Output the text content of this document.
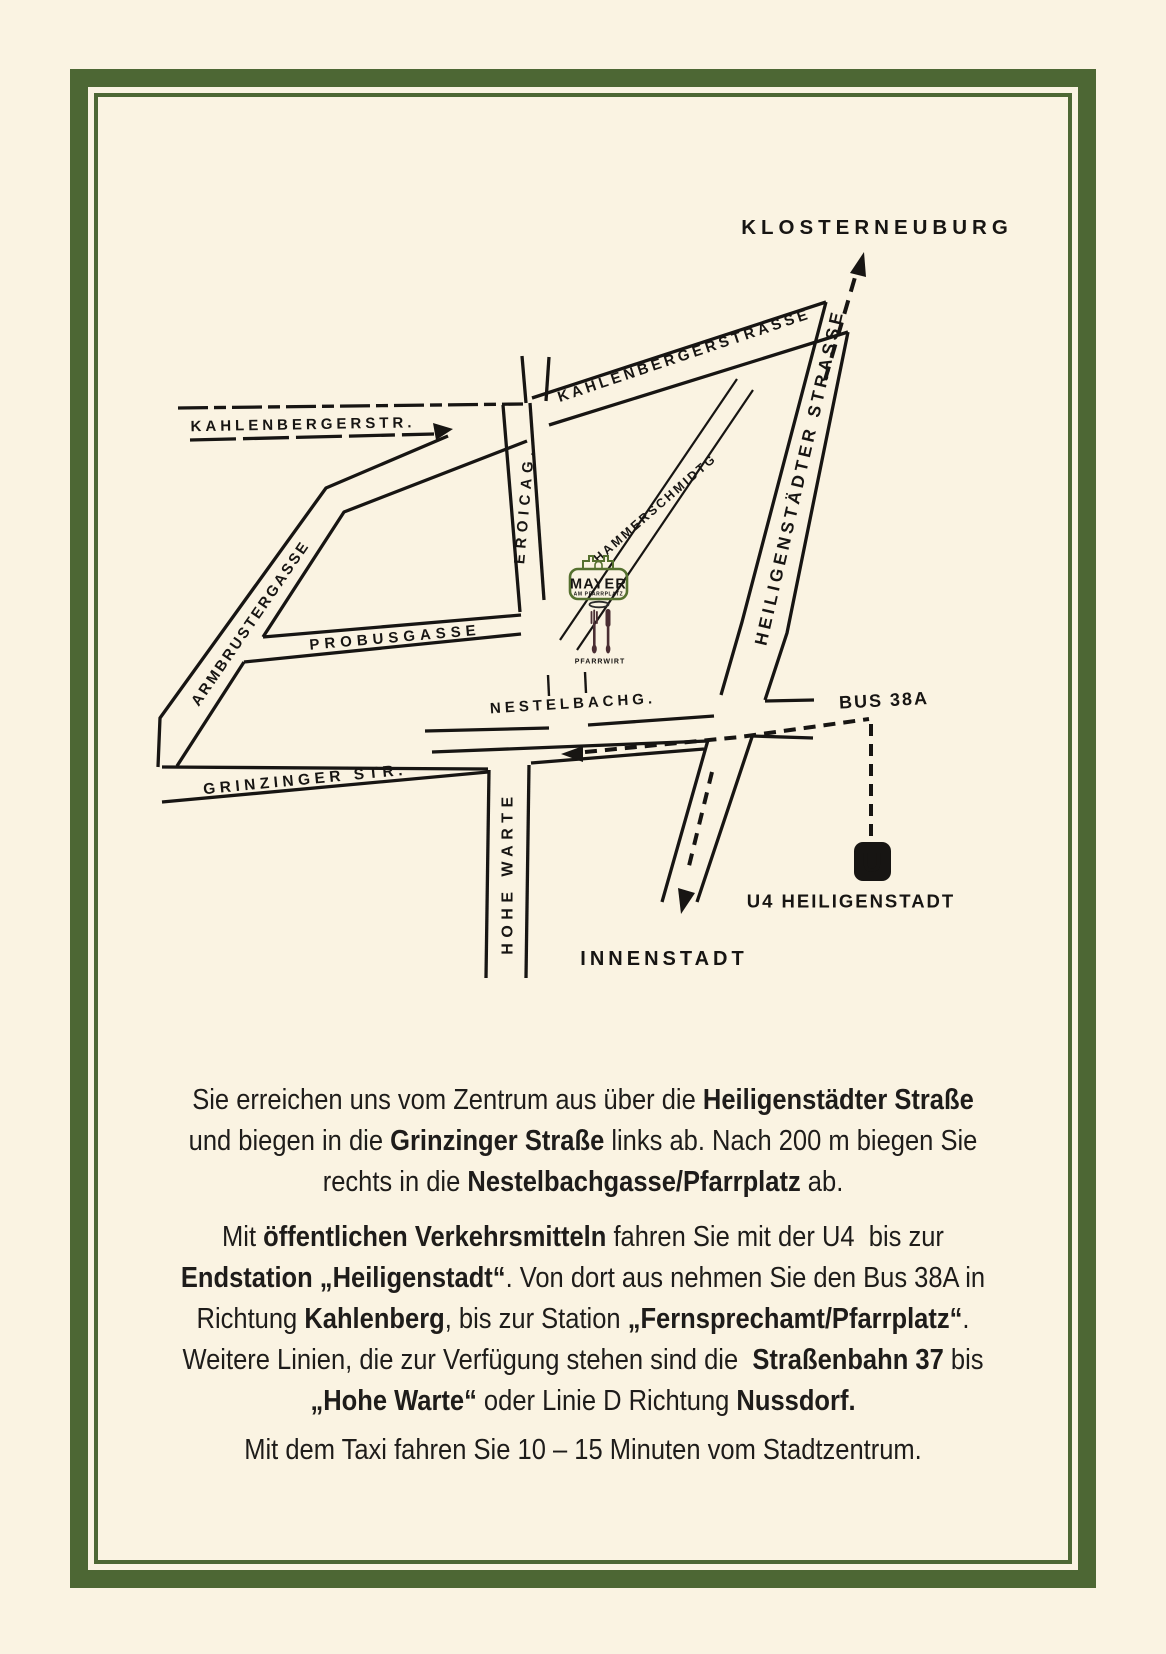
KLOSTERNEUBURG
KAHLENBERGERSTR.
KAHLENBERGERSTRASSE
HEILIGENSTÄDTER STRASSE
EROICAG.	HAMMERSCHMIDTG
ARMBRUSTERGASSE
PROBUSGASSE
NESTELBACHG.
GRINZINGER STR.
HOHE WARTE
BUS 38A
U
U4 HEILIGENSTADT
INNENSTADT
MAYER
AM PFARRPLATZ
PFARRWIRT
Sie erreichen uns vom Zentrum aus über die Heiligenstädter Straße
und biegen in die Grinzinger Straße links ab. Nach 200 m biegen Sie
rechts in die Nestelbachgasse/Pfarrplatz ab.
Mit öffentlichen Verkehrsmitteln fahren Sie mit der U4  bis zur
Endstation „Heiligenstadt“. Von dort aus nehmen Sie den Bus 38A in
Richtung Kahlenberg, bis zur Station „Fernsprechamt/Pfarrplatz“.
Weitere Linien, die zur Verfügung stehen sind die  Straßenbahn 37 bis
„Hohe Warte“ oder Linie D Richtung Nussdorf.
Mit dem Taxi fahren Sie 10 – 15 Minuten vom Stadtzentrum.
